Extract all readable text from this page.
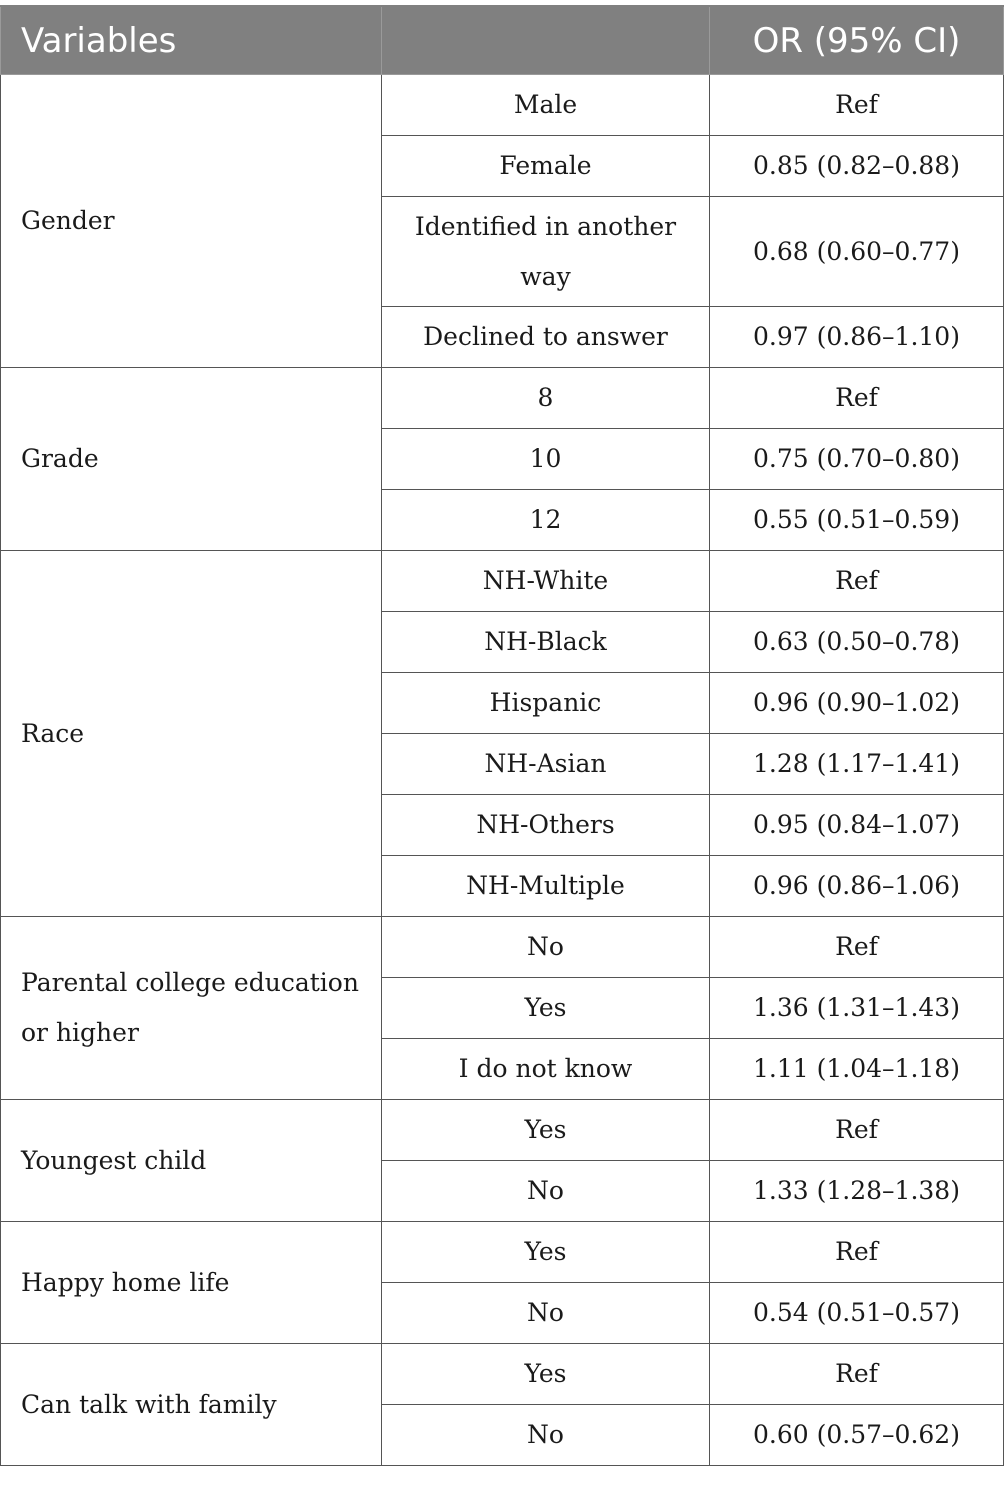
Variables		OR (95% CI)
Gender	Male	Ref
	Female	0.85 (0.82–0.88)
	Identified in another way	0.68 (0.60–0.77)
	Declined to answer	0.97 (0.86–1.10)
Grade	8	Ref
	10	0.75 (0.70–0.80)
	12	0.55 (0.51–0.59)
Race	NH-White	Ref
	NH-Black	0.63 (0.50–0.78)
	Hispanic	0.96 (0.90–1.02)
	NH-Asian	1.28 (1.17–1.41)
	NH-Others	0.95 (0.84–1.07)
	NH-Multiple	0.96 (0.86–1.06)
Parental college education or higher	No	Ref
	Yes	1.36 (1.31–1.43)
	I do not know	1.11 (1.04–1.18)
Youngest child	Yes	Ref
	No	1.33 (1.28–1.38)
Happy home life	Yes	Ref
	No	0.54 (0.51–0.57)
Can talk with family	Yes	Ref
	No	0.60 (0.57–0.62)
